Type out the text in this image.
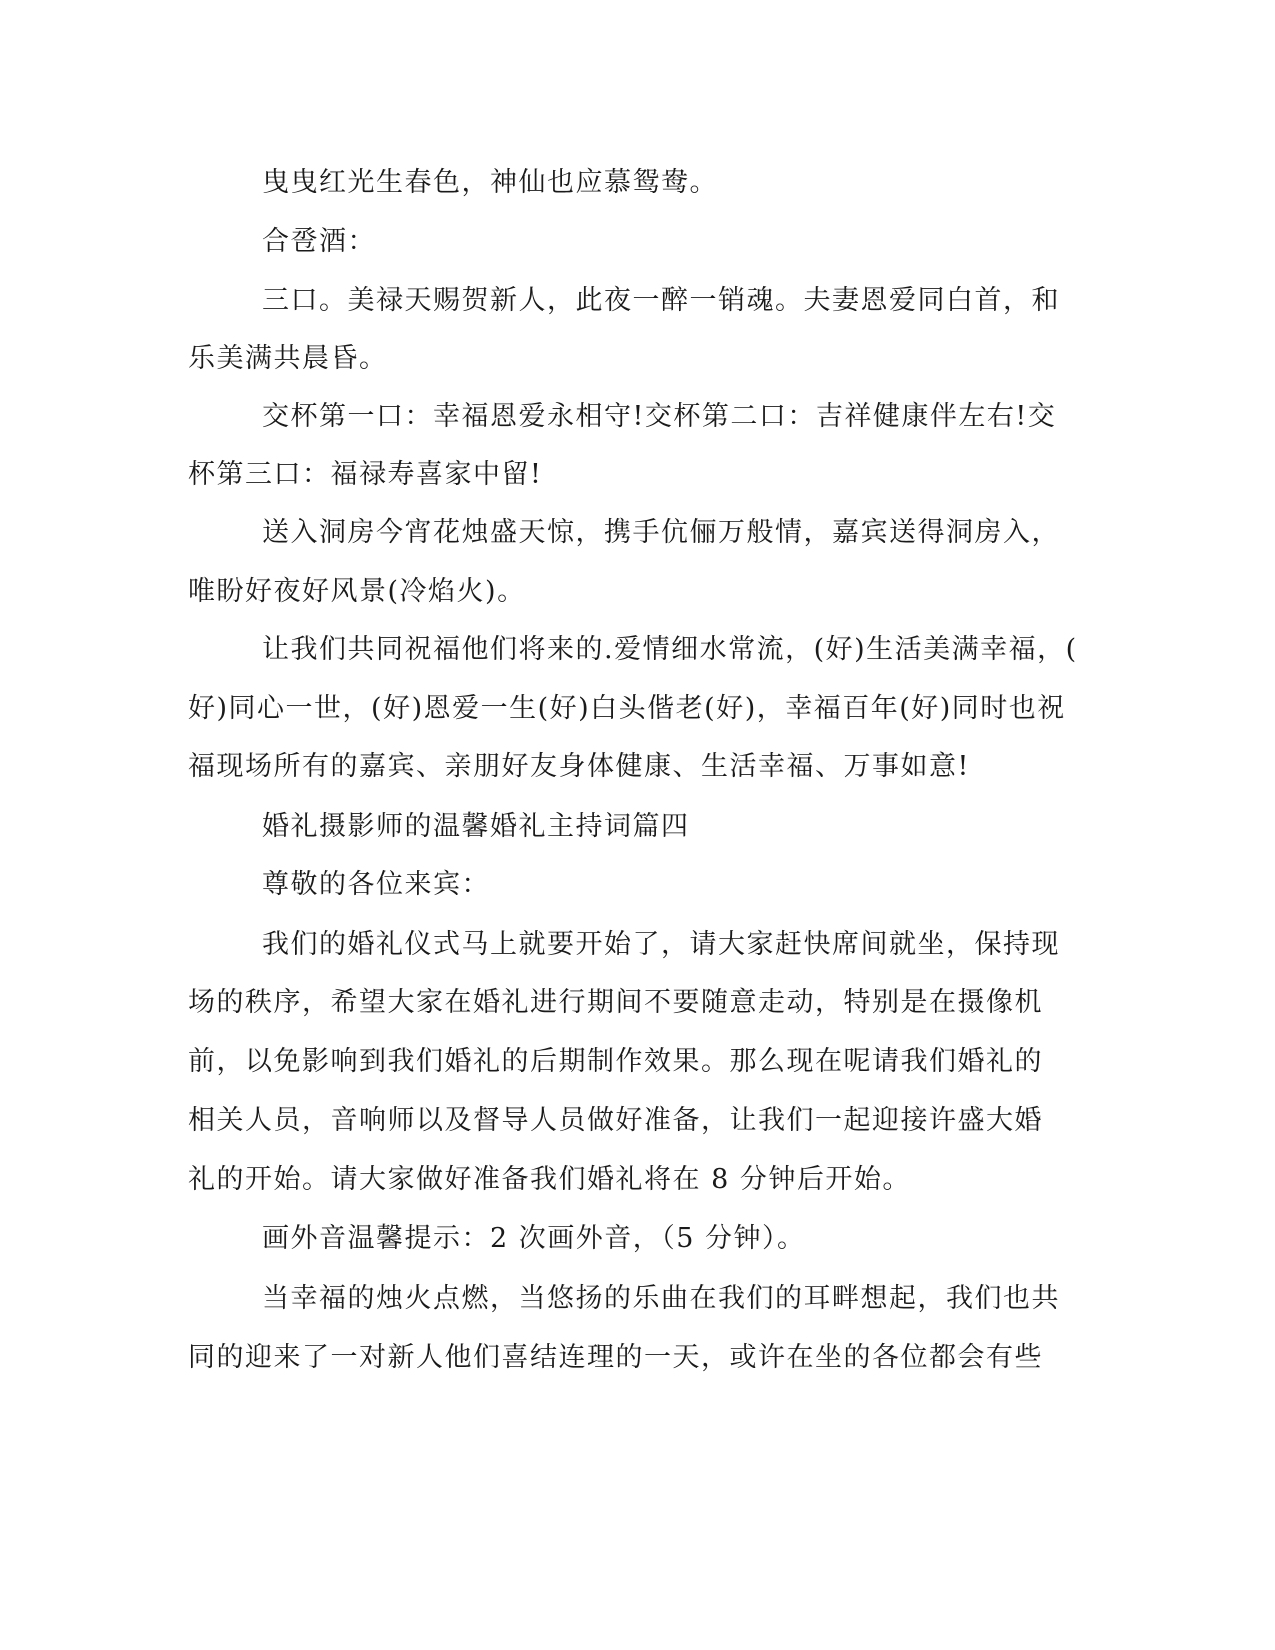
曳曳红光生春色，神仙也应慕鸳鸯。
合卺酒：
三口。美禄天赐贺新人，此夜一醉一销魂。夫妻恩爱同白首，和
乐美满共晨昏。
交杯第一口：幸福恩爱永相守!交杯第二口：吉祥健康伴左右!交
杯第三口：福禄寿喜家中留!
送入洞房今宵花烛盛天惊，携手伉俪万般情，嘉宾送得洞房入，
唯盼好夜好风景(冷焰火)。
让我们共同祝福他们将来的.爱情细水常流，(好)生活美满幸福，(
好)同心一世，(好)恩爱一生(好)白头偕老(好)，幸福百年(好)同时也祝
福现场所有的嘉宾、亲朋好友身体健康、生活幸福、万事如意!
婚礼摄影师的温馨婚礼主持词篇四
尊敬的各位来宾：
我们的婚礼仪式马上就要开始了，请大家赶快席间就坐，保持现
场的秩序，希望大家在婚礼进行期间不要随意走动，特别是在摄像机
前，以免影响到我们婚礼的后期制作效果。那么现在呢请我们婚礼的
相关人员，音响师以及督导人员做好准备，让我们一起迎接许盛大婚
礼的开始。请大家做好准备我们婚礼将在 8 分钟后开始。
画外音温馨提示：2 次画外音，（5 分钟）。
当幸福的烛火点燃，当悠扬的乐曲在我们的耳畔想起，我们也共
同的迎来了一对新人他们喜结连理的一天，或许在坐的各位都会有些
